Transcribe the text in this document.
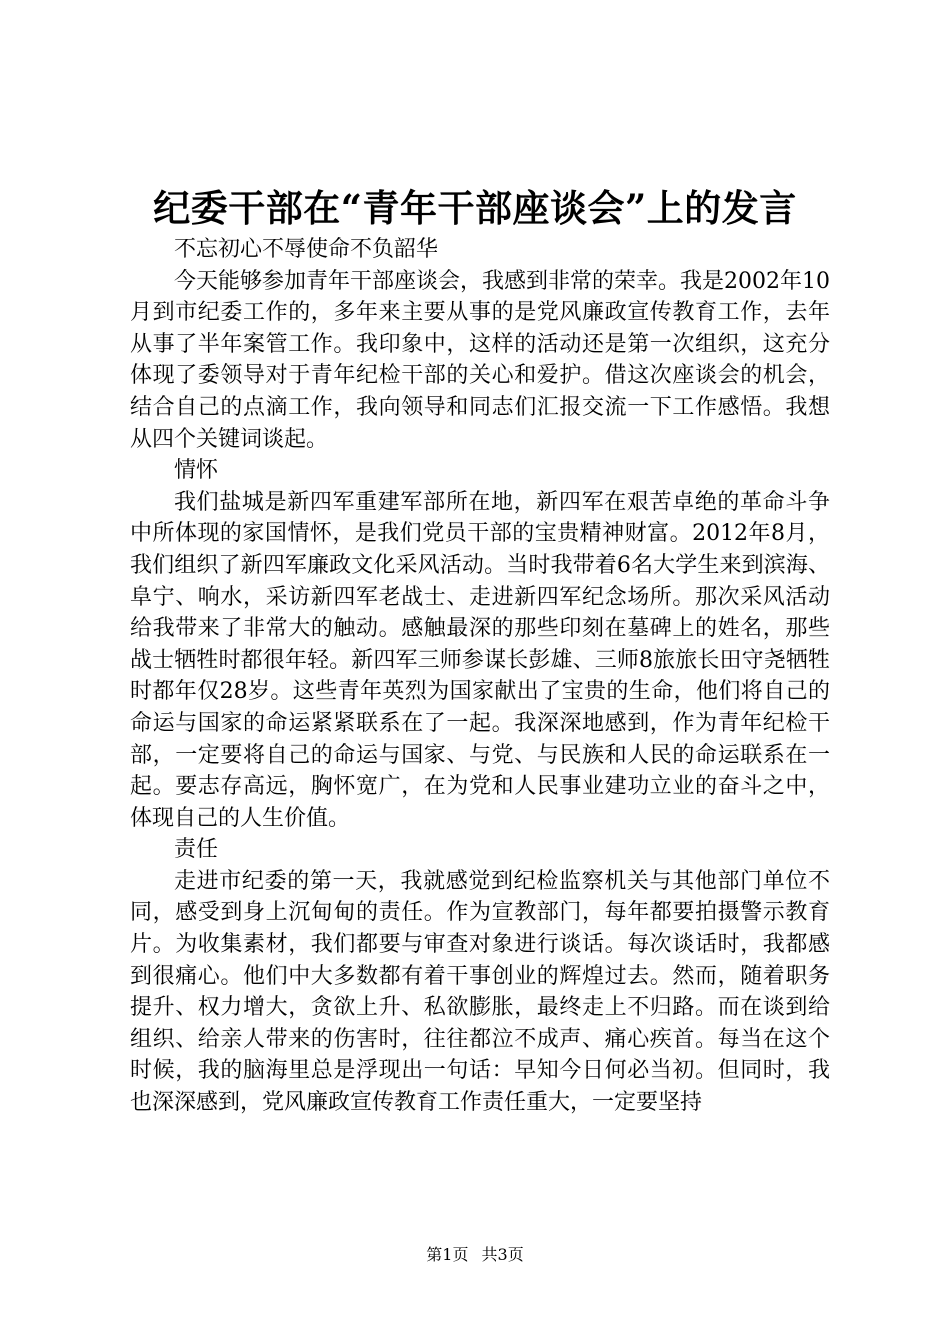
纪委干部在“青年干部座谈会”上的发言

不忘初心不辱使命不负韶华

今天能够参加青年干部座谈会，我感到非常的荣幸。我是2002年10月到市纪委工作的，多年来主要从事的是党风廉政宣传教育工作，去年从事了半年案管工作。我印象中，这样的活动还是第一次组织，这充分体现了委领导对于青年纪检干部的关心和爱护。借这次座谈会的机会，结合自己的点滴工作，我向领导和同志们汇报交流一下工作感悟。我想从四个关键词谈起。

情怀

我们盐城是新四军重建军部所在地，新四军在艰苦卓绝的革命斗争中所体现的家国情怀，是我们党员干部的宝贵精神财富。2012年8月，我们组织了新四军廉政文化采风活动。当时我带着6名大学生来到滨海、阜宁、响水，采访新四军老战士、走进新四军纪念场所。那次采风活动给我带来了非常大的触动。感触最深的那些印刻在墓碑上的姓名，那些战士牺牲时都很年轻。新四军三师参谋长彭雄、三师8旅旅长田守尧牺牲时都年仅28岁。这些青年英烈为国家献出了宝贵的生命，他们将自己的命运与国家的命运紧紧联系在了一起。我深深地感到，作为青年纪检干部，一定要将自己的命运与国家、与党、与民族和人民的命运联系在一起。要志存高远，胸怀宽广，在为党和人民事业建功立业的奋斗之中，体现自己的人生价值。

责任

走进市纪委的第一天，我就感觉到纪检监察机关与其他部门单位不同，感受到身上沉甸甸的责任。作为宣教部门，每年都要拍摄警示教育片。为收集素材，我们都要与审查对象进行谈话。每次谈话时，我都感到很痛心。他们中大多数都有着干事创业的辉煌过去。然而，随着职务提升、权力增大，贪欲上升、私欲膨胀，最终走上不归路。而在谈到给组织、给亲人带来的伤害时，往往都泣不成声、痛心疾首。每当在这个时候，我的脑海里总是浮现出一句话：早知今日何必当初。但同时，我也深深感到，党风廉政宣传教育工作责任重大，一定要坚持

第1页 共3页
